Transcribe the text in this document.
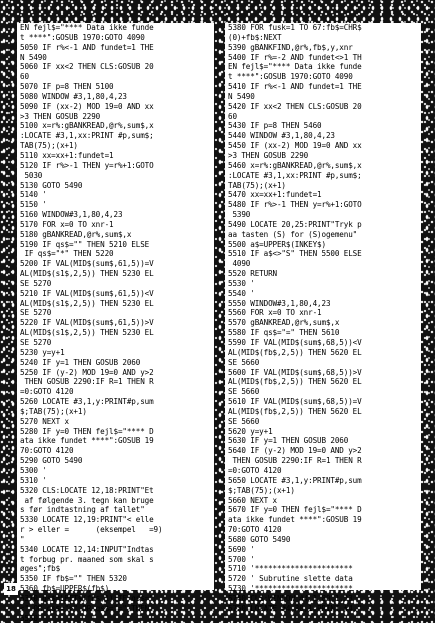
EN fejl$="**** Data ikke funde
t ****":GOSUB 1970:GOTO 4090
5050 IF r%<-1 AND fundet=1 THE
N 5490
5060 IF xx<2 THEN CLS:GOSUB 20
60
5070 IF p=8 THEN 5100
5080 WINDOW #3,1,80,4,23
5090 IF (xx-2) MOD 19=0 AND xx
>3 THEN GOSUB 2290
5100 x=r%:gBANKREAD,@r%,sum$,x
:LOCATE #3,1,xx:PRINT #p,sum$;
TAB(75);(x+1)
5110 xx=xx+1:fundet=1
5120 IF r%>-1 THEN y=r%+1:GOTO
5030
5130 GOTO 5490
5140 '
5150 '
5160 WINDOW#3,1,80,4,23
5170 FOR x=0 TO xnr-1
5180 gBANKREAD,@r%,sum$,x
5190 IF qs$="" THEN 5210 ELSE
IF qs$="*" THEN 5220
5200 IF VAL(MID$(sum$,61,5))=V
AL(MID$(s1$,2,5)) THEN 5230 EL
SE 5270
5210 IF VAL(MID$(sum$,61,5))<V
AL(MID$(s1$,2,5)) THEN 5230 EL
SE 5270
5220 IF VAL(MID$(sum$,61,5))>V
AL(MID$(s1$,2,5)) THEN 5230 EL
SE 5270
5230 y=y+1
5240 IF y=1 THEN GOSUB 2060
5250 IF (y-2) MOD 19=0 AND y>2
THEN GOSUB 2290:IF R=1 THEN R
=0:GOTO 4120
5260 LOCATE #3,1,y:PRINT#p,sum
$;TAB(75);(x+1)
5270 NEXT x
5280 IF y=0 THEN fejl$="**** D
ata ikke fundet ****":GOSUB 19
70:GOTO 4120
5290 GOTO 5490
5300 '
5310 '
5320 CLS:LOCATE 12,18:PRINT"Et
af følgende 3. tegn kan bruge
s før indtastning af tallet"
5330 LOCATE 12,19:PRINT"< elle
r > eller =      (eksempel   =9)
"
5340 LOCATE 12,14:INPUT"Indtas
t forbug pr. maaned som skal s
øges";fb$
5350 IF fb$="" THEN 5320
5360 fb$=UPPER$(fb$)
5370 qs$=LEFT$(fb$,1):IF qs$="
<" OR qs$=">" OR qs$="=" THEN
5550
5380 FOR fusk=1 TO 67:fb$=CHR$
(0)+fb$:NEXT
5390 gBANKFIND,@r%,fb$,y,xnr
5400 IF r%=-2 AND fundet<>1 TH
EN fejl$="**** Data ikke funde
t ****":GOSUB 1970:GOTO 4090
5410 IF r%<-1 AND fundet=1 THE
N 5490
5420 IF xx<2 THEN CLS:GOSUB 20
60
5430 IF p=8 THEN 5460
5440 WINDOW #3,1,80,4,23
5450 IF (xx-2) MOD 19=0 AND xx
>3 THEN GOSUB 2290
5460 x=r%:gBANKREAD,@r%,sum$,x
:LOCATE #3,1,xx:PRINT #p,sum$;
TAB(75);(x+1)
5470 xx=xx+1:fundet=1
5480 IF r%>-1 THEN y=r%+1:GOTO
5390
5490 LOCATE 20,25:PRINT"Tryk p
aa tasten (S) for (S)ogemenu"
5500 a$=UPPER$(INKEY$)
5510 IF a$<>"S" THEN 5500 ELSE
4090
5520 RETURN
5530 '
5540 '
5550 WINDOW#3,1,80,4,23
5560 FOR x=0 TO xnr-1
5570 gBANKREAD,@r%,sum$,x
5580 IF qs$="=" THEN 5610
5590 IF VAL(MID$(sum$,68,5))<V
AL(MID$(fb$,2,5)) THEN 5620 EL
SE 5660
5600 IF VAL(MID$(sum$,68,5))>V
AL(MID$(fb$,2,5)) THEN 5620 EL
SE 5660
5610 IF VAL(MID$(sum$,68,5))=V
AL(MID$(fb$,2,5)) THEN 5620 EL
SE 5660
5620 y=y+1
5630 IF y=1 THEN GOSUB 2060
5640 IF (y-2) MOD 19=0 AND y>2
THEN GOSUB 2290:IF R=1 THEN R
=0:GOTO 4120
5650 LOCATE #3,1,y:PRINT#p,sum
$;TAB(75);(x+1)
5660 NEXT x
5670 IF y=0 THEN fejl$="**** D
ata ikke fundet ****":GOSUB 19
70:GOTO 4120
5680 GOTO 5490
5690 '
5700 '
5710 '**********************
5720 ' Subrutine slette data
5730 '**********************
5740 CLS:WINDOW #4,1,80,1,23
5750 LOCATE #4,30,1:PRINT #4,"
18
